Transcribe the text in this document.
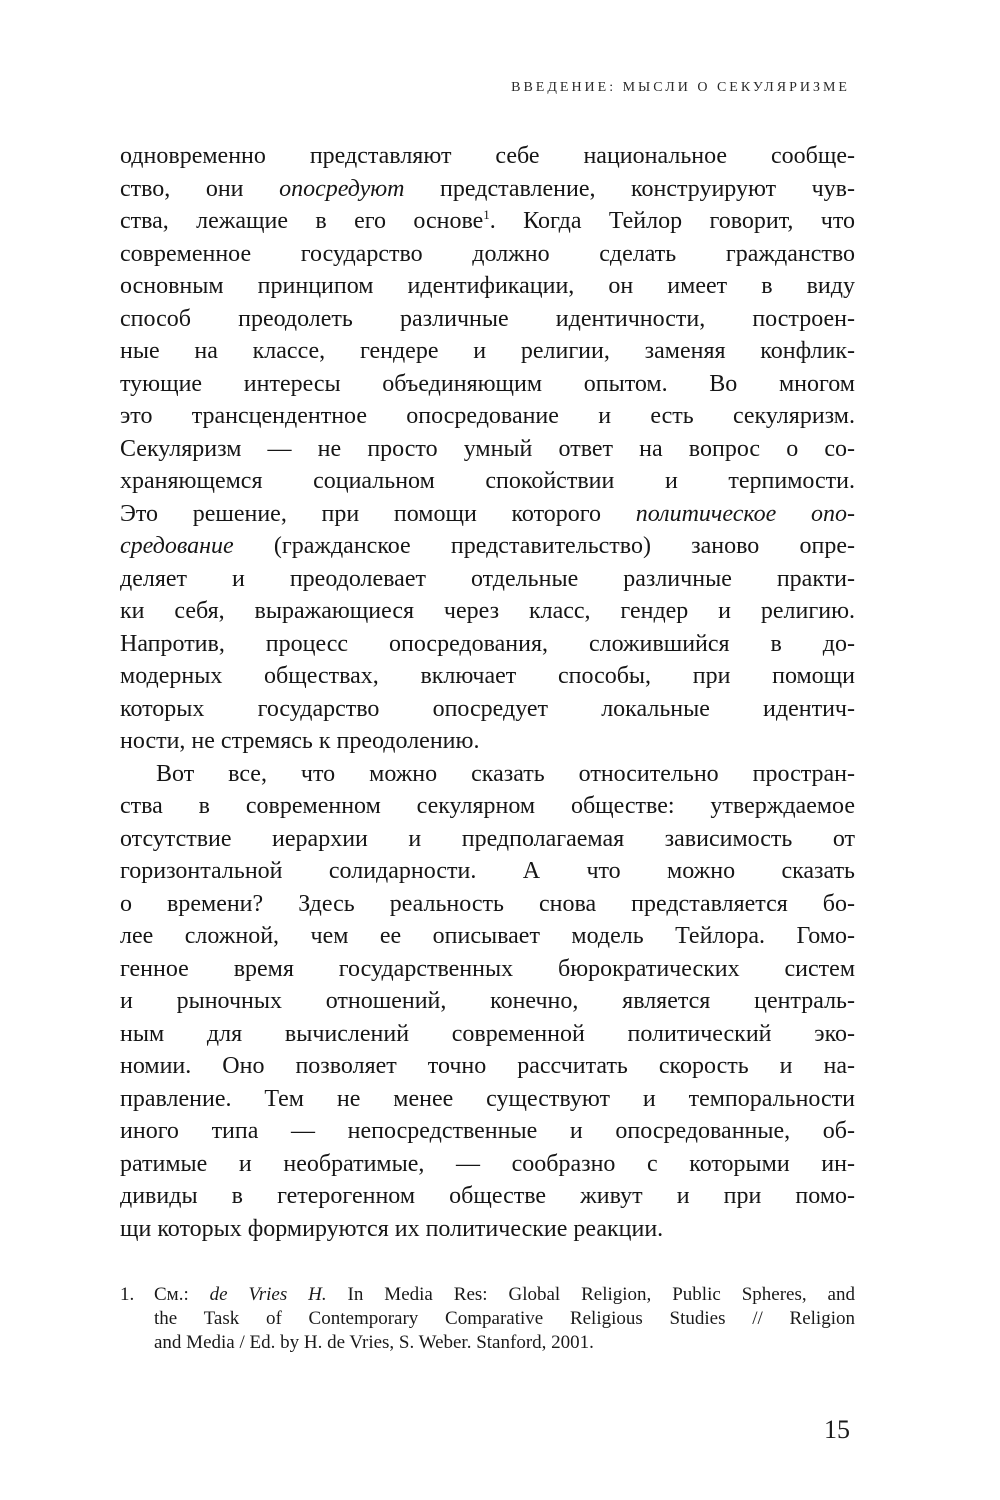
ВВЕДЕНИЕ: МЫСЛИ О СЕКУЛЯРИЗМЕ

одновременно представляют себе национальное сообще-
ство, они опосредуют представление, конструируют чув-
ства, лежащие в его основе$^1$. Когда Тейлор говорит, что
современное государство должно сделать гражданство
основным принципом идентификации, он имеет в виду
способ преодолеть различные идентичности, построен-
ные на классе, гендере и религии, заменяя конфлик-
тующие интересы объединяющим опытом. Во многом
это трансцендентное опосредование и есть секуляризм.
Секуляризм — не просто умный ответ на вопрос о со-
храняющемся социальном спокойствии и терпимости.
Это решение, при помощи которого политическое опо-
средование (гражданское представительство) заново опре-
деляет и преодолевает отдельные различные практи-
ки себя, выражающиеся через класс, гендер и религию.
Напротив, процесс опосредования, сложившийся в до-
модерных обществах, включает способы, при помощи
которых государство опосредует локальные идентич-
ности, не стремясь к преодолению.

Вот все, что можно сказать относительно простран-
ства в современном секулярном обществе: утверждаемое
отсутствие иерархии и предполагаемая зависимость от
горизонтальной солидарности. А что можно сказать
о времени? Здесь реальность снова представляется бо-
лее сложной, чем ее описывает модель Тейлора. Гомо-
генное время государственных бюрократических систем
и рыночных отношений, конечно, является централь-
ным для вычислений современной политический эко-
номии. Оно позволяет точно рассчитать скорость и на-
правление. Тем не менее существуют и темпоральности
иного типа — непосредственные и опосредованные, об-
ратимые и необратимые, — сообразно с которыми ин-
дивиды в гетерогенном обществе живут и при помо-
щи которых формируются их политические реакции.

1. См.: de Vries H. In Media Res: Global Religion, Public Spheres, and
the Task of Contemporary Comparative Religious Studies // Religion
and Media / Ed. by H. de Vries, S. Weber. Stanford, 2001.
15
